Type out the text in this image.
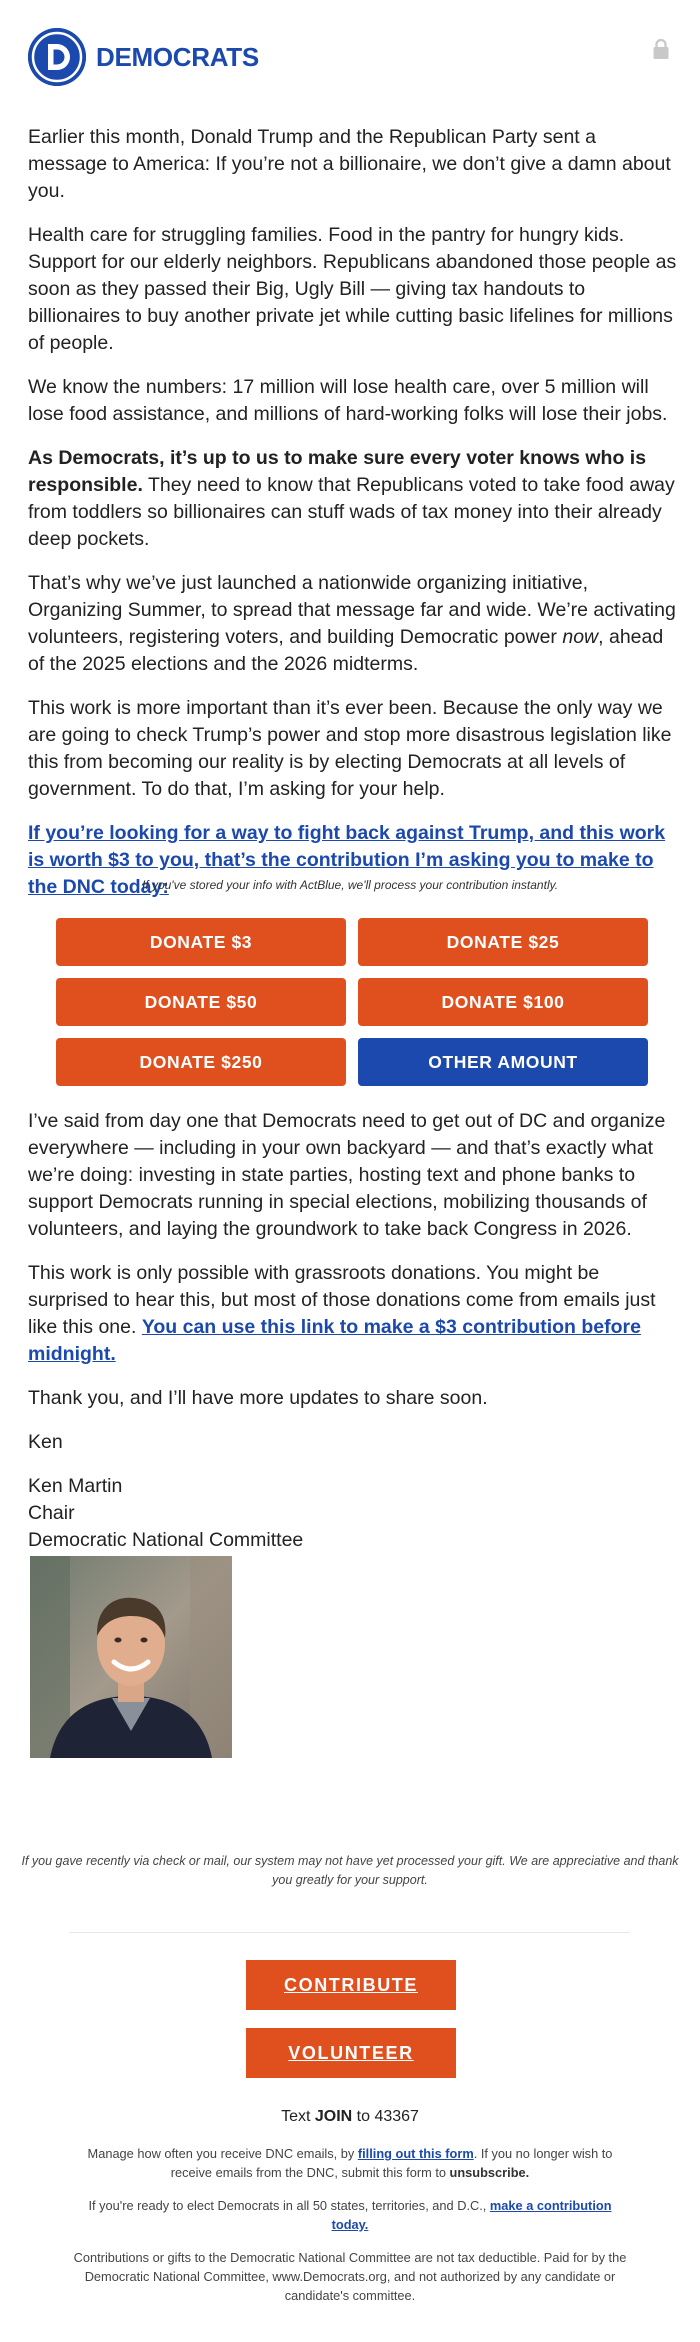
DEMOCRATS

Earlier this month, Donald Trump and the Republican Party sent a message to America: If you’re not a billionaire, we don’t give a damn about you.

Health care for struggling families. Food in the pantry for hungry kids. Support for our elderly neighbors. Republicans abandoned those people as soon as they passed their Big, Ugly Bill — giving tax handouts to billionaires to buy another private jet while cutting basic lifelines for millions of people.

We know the numbers: 17 million will lose health care, over 5 million will lose food assistance, and millions of hard-working folks will lose their jobs.

As Democrats, it’s up to us to make sure every voter knows who is responsible. They need to know that Republicans voted to take food away from toddlers so billionaires can stuff wads of tax money into their already deep pockets.

That’s why we’ve just launched a nationwide organizing initiative, Organizing Summer, to spread that message far and wide. We’re activating volunteers, registering voters, and building Democratic power now, ahead of the 2025 elections and the 2026 midterms.

This work is more important than it’s ever been. Because the only way we are going to check Trump’s power and stop more disastrous legislation like this from becoming our reality is by electing Democrats at all levels of government. To do that, I’m asking for your help.

If you’re looking for a way to fight back against Trump, and this work is worth $3 to you, that’s the contribution I’m asking you to make to the DNC today:
If you've stored your info with ActBlue, we'll process your contribution instantly.
DONATE $3	DONATE $25
DONATE $50	DONATE $100
DONATE $250	OTHER AMOUNT

I’ve said from day one that Democrats need to get out of DC and organize everywhere — including in your own backyard — and that’s exactly what we’re doing: investing in state parties, hosting text and phone banks to support Democrats running in special elections, mobilizing thousands of volunteers, and laying the groundwork to take back Congress in 2026.

This work is only possible with grassroots donations. You might be surprised to hear this, but most of those donations come from emails just like this one. You can use this link to make a $3 contribution before midnight.

Thank you, and I’ll have more updates to share soon.

Ken

Ken Martin
Chair
Democratic National Committee
If you gave recently via check or mail, our system may not have yet processed your gift. We are appreciative and thank you greatly for your support.
CONTRIBUTE
VOLUNTEER
Text JOIN to 43367
Manage how often you receive DNC emails, by filling out this form. If you no longer wish to receive emails from the DNC, submit this form to unsubscribe.
If you're ready to elect Democrats in all 50 states, territories, and D.C., make a contribution today.
Contributions or gifts to the Democratic National Committee are not tax deductible. Paid for by the Democratic National Committee, www.Democrats.org, and not authorized by any candidate or candidate's committee.
